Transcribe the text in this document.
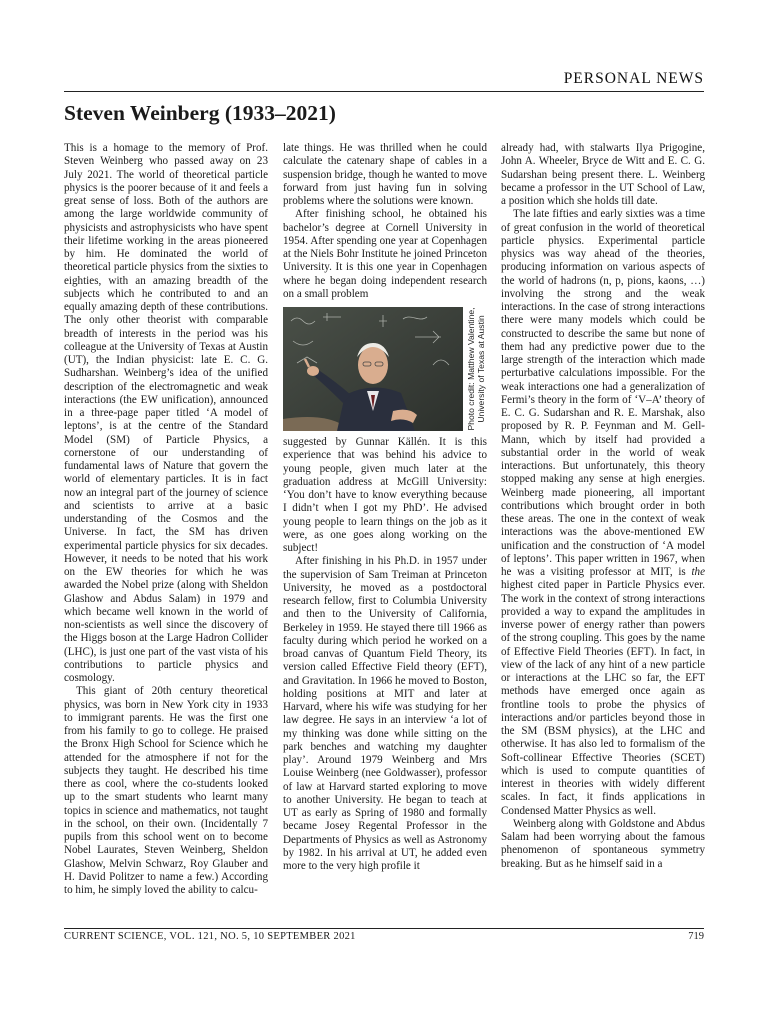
PERSONAL NEWS
Steven Weinberg (1933–2021)

This is a homage to the memory of Prof. Steven Weinberg who passed away on 23 July 2021. The world of theoretical particle physics is the poorer because of it and feels a great sense of loss. Both of the authors are among the large worldwide community of physicists and astrophysicists who have spent their lifetime working in the areas pioneered by him. He dominated the world of theoretical particle physics from the sixties to eighties, with an amazing breadth of the subjects which he contributed to and an equally amazing depth of these contributions. The only other theorist with comparable breadth of interests in the period was his colleague at the University of Texas at Austin (UT), the Indian physicist: late E. C. G. Sudharshan. Weinberg’s idea of the unified description of the electromagnetic and weak interactions (the EW unification), announced in a three-page paper titled ‘A model of leptons’, is at the centre of the Standard Model (SM) of Particle Physics, a cornerstone of our understanding of fundamental laws of Nature that govern the world of elementary particles. It is in fact now an integral part of the journey of science and scientists to arrive at a basic understanding of the Cosmos and the Universe. In fact, the SM has driven experimental particle physics for six decades. However, it needs to be noted that his work on the EW theories for which he was awarded the Nobel prize (along with Sheldon Glashow and Abdus Salam) in 1979 and which became well known in the world of non-scientists as well since the discovery of the Higgs boson at the Large Hadron Collider (LHC), is just one part of the vast vista of his contributions to particle physics and cosmology.

This giant of 20th century theoretical physics, was born in New York city in 1933 to immigrant parents. He was the first one from his family to go to college. He praised the Bronx High School for Science which he attended for the atmosphere if not for the subjects they taught. He described his time there as cool, where the co-students looked up to the smart students who learnt many topics in science and mathematics, not taught in the school, on their own. (Incidentally 7 pupils from this school went on to become Nobel Laurates, Steven Weinberg, Sheldon Glashow, Melvin Schwarz, Roy Glauber and H. David Politzer to name a few.) According to him, he simply loved the ability to calcu-

late things. He was thrilled when he could calculate the catenary shape of cables in a suspension bridge, though he wanted to move forward from just having fun in solving problems where the solutions were known.

After finishing school, he obtained his bachelor’s degree at Cornell University in 1954. After spending one year at Copenhagen at the Niels Bohr Institute he joined Princeton University. It is this one year in Copenhagen where he began doing independent research on a small problem

Photo credit: Matthew Valentine, University of Texas at Austin

suggested by Gunnar Källén. It is this experience that was behind his advice to young people, given much later at the graduation address at McGill University: ‘You don’t have to know everything because I didn’t when I got my PhD’. He advised young people to learn things on the job as it were, as one goes along working on the subject!

After finishing in his Ph.D. in 1957 under the supervision of Sam Treiman at Princeton University, he moved as a postdoctoral research fellow, first to Columbia University and then to the University of California, Berkeley in 1959. He stayed there till 1966 as faculty during which period he worked on a broad canvas of Quantum Field Theory, its version called Effective Field theory (EFT), and Gravitation. In 1966 he moved to Boston, holding positions at MIT and later at Harvard, where his wife was studying for her law degree. He says in an interview ‘a lot of my thinking was done while sitting on the park benches and watching my daughter play’. Around 1979 Weinberg and Mrs Louise Weinberg (nee Goldwasser), professor of law at Harvard started exploring to move to another University. He began to teach at UT as early as Spring of 1980 and formally became Josey Regental Professor in the Departments of Physics as well as Astronomy by 1982. In his arrival at UT, he added even more to the very high profile it

already had, with stalwarts Ilya Prigogine, John A. Wheeler, Bryce de Witt and E. C. G. Sudarshan being present there. L. Weinberg became a professor in the UT School of Law, a position which she holds till date.

The late fifties and early sixties was a time of great confusion in the world of theoretical particle physics. Experimental particle physics was way ahead of the theories, producing information on various aspects of the world of hadrons (n, p, pions, kaons, …) involving the strong and the weak interactions. In the case of strong interactions there were many models which could be constructed to describe the same but none of them had any predictive power due to the large strength of the interaction which made perturbative calculations impossible. For the weak interactions one had a generalization of Fermi’s theory in the form of ‘V–A’ theory of E. C. G. Sudarshan and R. E. Marshak, also proposed by R. P. Feynman and M. Gell-Mann, which by itself had provided a substantial order in the world of weak interactions. But unfortunately, this theory stopped making any sense at high energies. Weinberg made pioneering, all important contributions which brought order in both these areas. The one in the context of weak interactions was the above-mentioned EW unification and the construction of ‘A model of leptons’. This paper written in 1967, when he was a visiting professor at MIT, is the highest cited paper in Particle Physics ever. The work in the context of strong interactions provided a way to expand the amplitudes in inverse power of energy rather than powers of the strong coupling. This goes by the name of Effective Field Theories (EFT). In fact, in view of the lack of any hint of a new particle or interactions at the LHC so far, the EFT methods have emerged once again as frontline tools to probe the physics of interactions and/or particles beyond those in the SM (BSM physics), at the LHC and otherwise. It has also led to formalism of the Soft-collinear Effective Theories (SCET) which is used to compute quantities of interest in theories with widely different scales. In fact, it finds applications in Condensed Matter Physics as well.

Weinberg along with Goldstone and Abdus Salam had been worrying about the famous phenomenon of spontaneous symmetry breaking. But as he himself said in a

CURRENT SCIENCE, VOL. 121, NO. 5, 10 SEPTEMBER 2021	719
